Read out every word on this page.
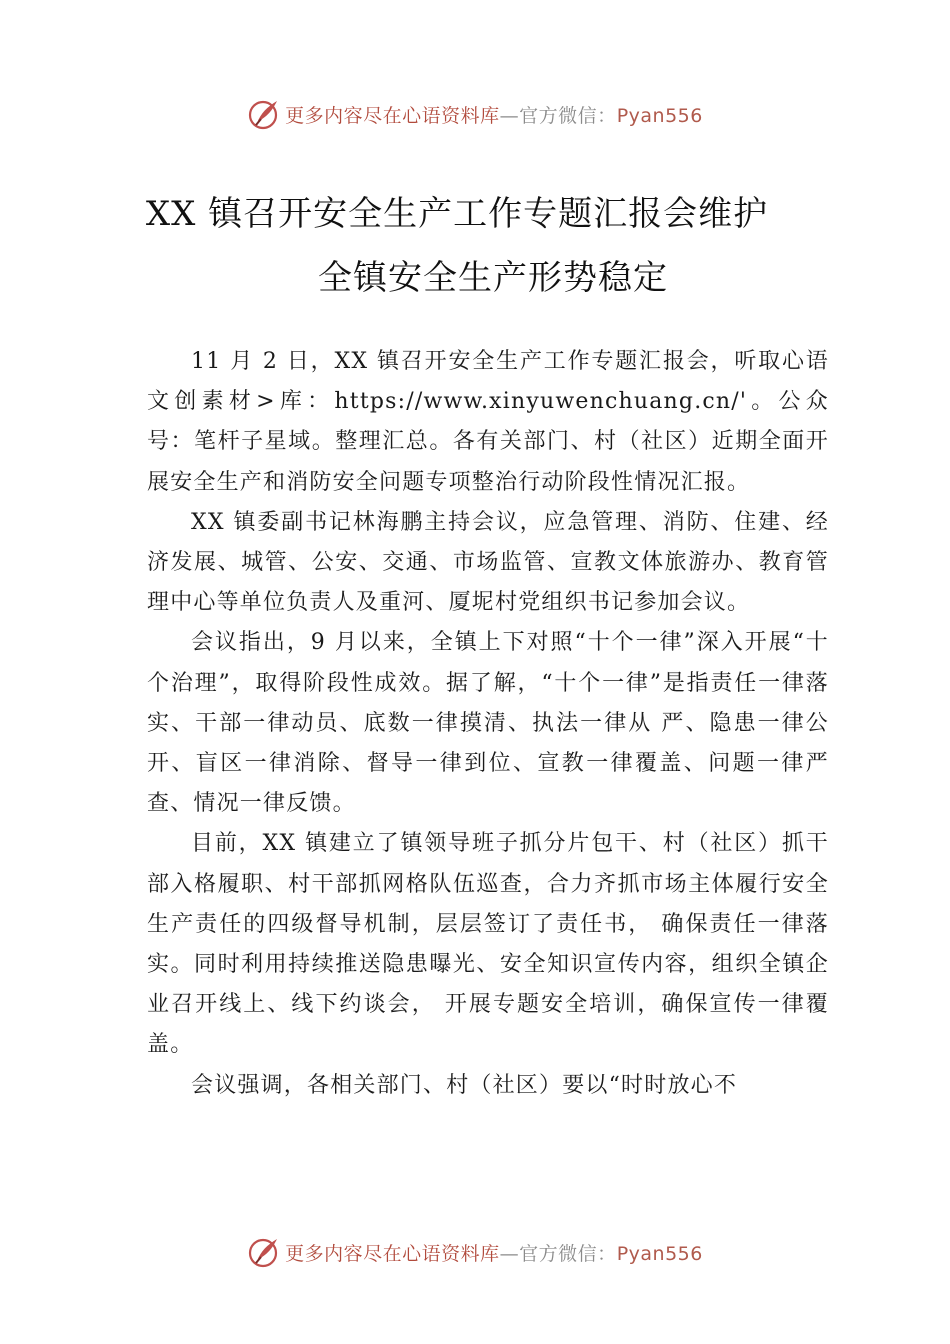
更多内容尽在心语资料库—官方微信：Pyan556
XX 镇召开安全生产工作专题汇报会维护
全镇安全生产形势稳定

11 月 2 日，XX 镇召开安全生产工作专题汇报会，听取心语文创素材>库：https://www.xinyuwenchuang.cn/'。公众号：笔杆子星域。整理汇总。各有关部门、村（社区）近期全面开展安全生产和消防安全问题专项整治行动阶段性情况汇报。

XX 镇委副书记林海鹏主持会议，应急管理、消防、住建、经济发展、城管、公安、交通、市场监管、宣教文体旅游办、教育管理中心等单位负责人及重河、厦坭村党组织书记参加会议。

会议指出，9 月以来，全镇上下对照“十个一律”深入开展“十个治理”，取得阶段性成效。据了解，“十个一律”是指责任一律落实、干部一律动员、底数一律摸清、执法一律从 严、隐患一律公开、盲区一律消除、督导一律到位、宣教一律覆盖、问题一律严查、情况一律反馈。

目前，XX 镇建立了镇领导班子抓分片包干、村（社区）抓干部入格履职、村干部抓网格队伍巡查，合力齐抓市场主体履行安全生产责任的四级督导机制，层层签订了责任书， 确保责任一律落实。同时利用持续推送隐患曝光、安全知识宣传内容，组织全镇企业召开线上、线下约谈会， 开展专题安全培训，确保宣传一律覆盖。

会议强调，各相关部门、村（社区）要以“时时放心不

更多内容尽在心语资料库—官方微信：Pyan556
